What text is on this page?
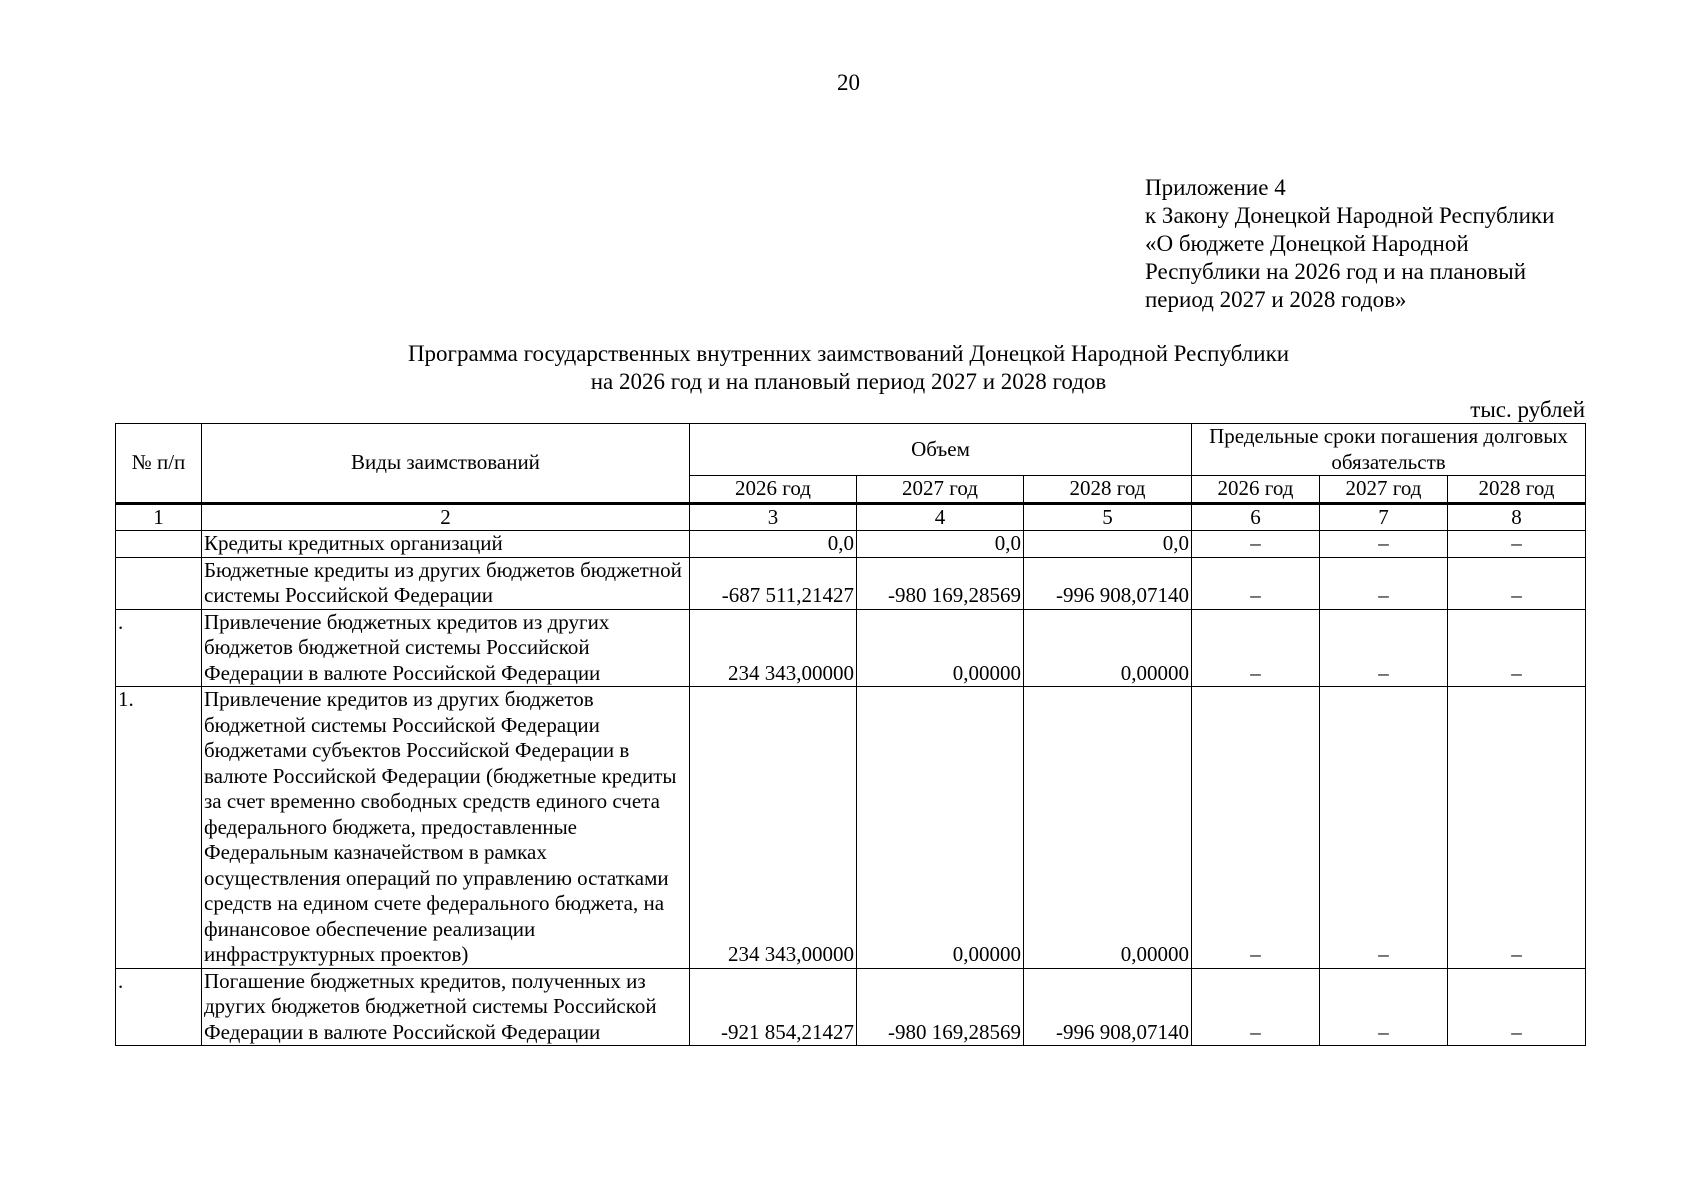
20
Приложение 4
к Закону Донецкой Народной Республики
«О бюджете Донецкой Народной
Республики на 2026 год и на плановый
период 2027 и 2028 годов»
Программа государственных внутренних заимствований Донецкой Народной Республики
на 2026 год и на плановый период 2027 и 2028 годов
тыс. рублей
№ п/п	Виды заимствований	Объем			Предельные сроки погашения долговых обязательств		
		2026 год	2027 год	2028 год	2026 год	2027 год	2028 год
1	2	3	4	5	6	7	8
	Кредиты кредитных организаций	0,0	0,0	0,0	–	–	–
	Бюджетные кредиты из других бюджетов бюджетной системы Российской Федерации	-687 511,21427	-980 169,28569	-996 908,07140	–	–	–
.	Привлечение бюджетных кредитов из других бюджетов бюджетной системы Российской Федерации в валюте Российской Федерации	234 343,00000	0,00000	0,00000	–	–	–
1.	Привлечение кредитов из других бюджетов бюджетной системы Российской Федерации бюджетами субъектов Российской Федерации в валюте Российской Федерации (бюджетные кредиты за счет временно свободных средств единого счета федерального бюджета, предоставленные Федеральным казначейством в рамках осуществления операций по управлению остатками средств на едином счете федерального бюджета, на финансовое обеспечение реализации инфраструктурных проектов)	234 343,00000	0,00000	0,00000	–	–	–
.	Погашение бюджетных кредитов, полученных из других бюджетов бюджетной системы Российской Федерации в валюте Российской Федерации	-921 854,21427	-980 169,28569	-996 908,07140	–	–	–
